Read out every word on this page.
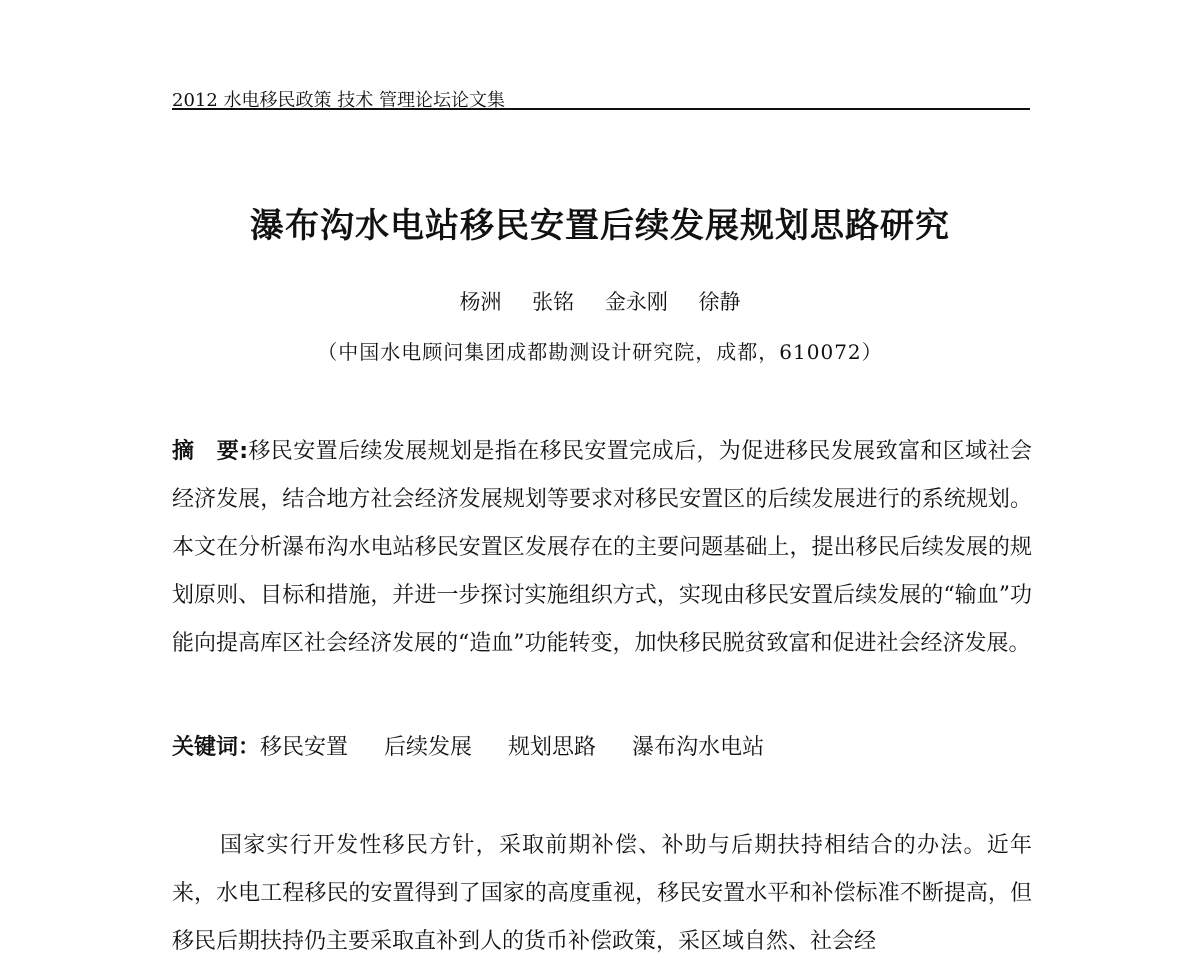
2012 水电移民政策 技术 管理论坛论文集
瀑布沟水电站移民安置后续发展规划思路研究
杨洲 张铭 金永刚 徐静
（中国水电顾问集团成都勘测设计研究院，成都，610072）

摘　要:移民安置后续发展规划是指在移民安置完成后，为促进移民发展致富和区域社会经济发展，结合地方社会经济发展规划等要求对移民安置区的后续发展进行的系统规划。本文在分析瀑布沟水电站移民安置区发展存在的主要问题基础上，提出移民后续发展的规划原则、目标和措施，并进一步探讨实施组织方式，实现由移民安置后续发展的“输血”功能向提高库区社会经济发展的“造血”功能转变，加快移民脱贫致富和促进社会经济发展。

关键词：移民安置 后续发展 规划思路 瀑布沟水电站

国家实行开发性移民方针，采取前期补偿、补助与后期扶持相结合的办法。近年来，水电工程移民的安置得到了国家的高度重视，移民安置水平和补偿标准不断提高，但移民后期扶持仍主要采取直补到人的货币补偿政策，采区域自然、社会经
